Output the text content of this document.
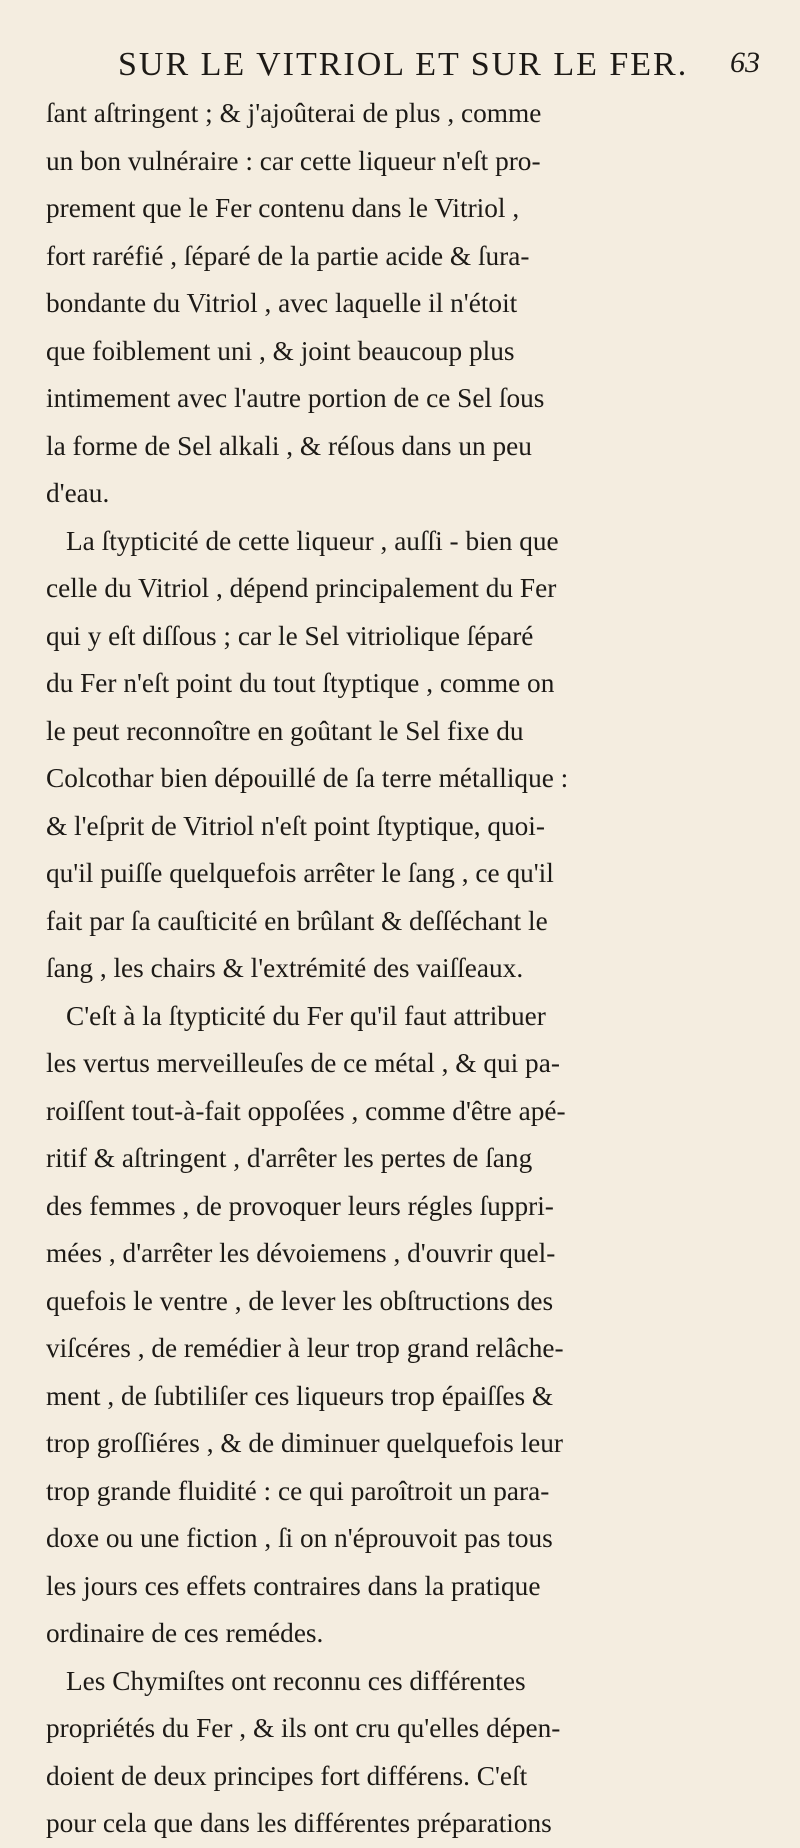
SUR LE VITRIOL ET SUR LE FER. 63
ſant aſtringent ; & j'ajoûterai de plus , comme
un bon vulnéraire : car cette liqueur n'eſt pro-
prement que le Fer contenu dans le Vitriol ,
fort raréfié , ſéparé de la partie acide & ſura-
bondante du Vitriol , avec laquelle il n'étoit
que foiblement uni , & joint beaucoup plus
intimement avec l'autre portion de ce Sel ſous
la forme de Sel alkali , & réſous dans un peu
d'eau.
La ſtypticité de cette liqueur , auſſi - bien que
celle du Vitriol , dépend principalement du Fer
qui y eſt diſſous ; car le Sel vitriolique ſéparé
du Fer n'eſt point du tout ſtyptique , comme on
le peut reconnoître en goûtant le Sel fixe du
Colcothar bien dépouillé de ſa terre métallique :
& l'eſprit de Vitriol n'eſt point ſtyptique, quoi-
qu'il puiſſe quelquefois arrêter le ſang , ce qu'il
fait par ſa cauſticité en brûlant & deſſéchant le
ſang , les chairs & l'extrémité des vaiſſeaux.
C'eſt à la ſtypticité du Fer qu'il faut attribuer
les vertus merveilleuſes de ce métal , & qui pa-
roiſſent tout-à-fait oppoſées , comme d'être apé-
ritif & aſtringent , d'arrêter les pertes de ſang
des femmes , de provoquer leurs régles ſuppri-
mées , d'arrêter les dévoiemens , d'ouvrir quel-
quefois le ventre , de lever les obſtructions des
viſcéres , de remédier à leur trop grand relâche-
ment , de ſubtiliſer ces liqueurs trop épaiſſes &
trop groſſiéres , & de diminuer quelquefois leur
trop grande fluidité : ce qui paroîtroit un para-
doxe ou une fiction , ſi on n'éprouvoit pas tous
les jours ces effets contraires dans la pratique
ordinaire de ces remédes.
Les Chymiſtes ont reconnu ces différentes
propriétés du Fer , & ils ont cru qu'elles dépen-
doient de deux principes fort différens. C'eſt
pour cela que dans les différentes préparations
